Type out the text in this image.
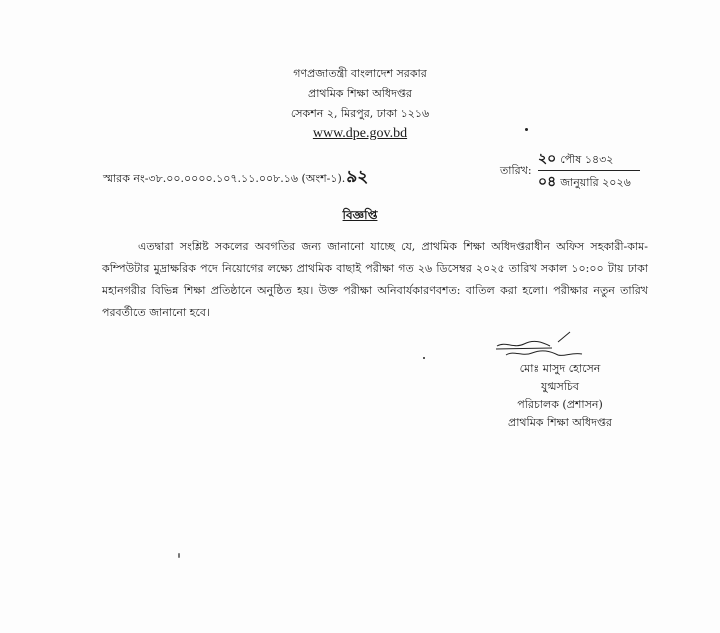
গণপ্রজাতন্ত্রী বাংলাদেশ সরকার
প্রাথমিক শিক্ষা অধিদপ্তর
সেকশন ২, মিরপুর, ঢাকা ১২১৬
www.dpe.gov.bd
স্মারক নং-৩৮.০০.০০০০.১০৭.১১.০০৮.১৬ (অংশ-১).৯২	তারিখ:
২০ পৌষ ১৪৩২
০৪ জানুয়ারি ২০২৬
বিজ্ঞপ্তি
এতদ্বারা সংশ্লিষ্ট সকলের অবগতির জন্য জানানো যাচ্ছে যে, প্রাথমিক শিক্ষা অধিদপ্তরাধীন অফিস সহকারী-কাম-কম্পিউটার মুদ্রাক্ষরিক পদে নিয়োগের লক্ষ্যে প্রাথমিক বাছাই পরীক্ষা গত ২৬ ডিসেম্বর ২০২৫ তারিখ সকাল ১০:০০ টায় ঢাকা মহানগরীর বিভিন্ন শিক্ষা প্রতিষ্ঠানে অনুষ্ঠিত হয়। উক্ত পরীক্ষা অনিবার্যকারণবশত: বাতিল করা হলো। পরীক্ষার নতুন তারিখ পরবর্তীতে জানানো হবে।
মোঃ মাসুদ হোসেন
যুগ্মসচিব
পরিচালক (প্রশাসন)
প্রাথমিক শিক্ষা অধিদপ্তর
